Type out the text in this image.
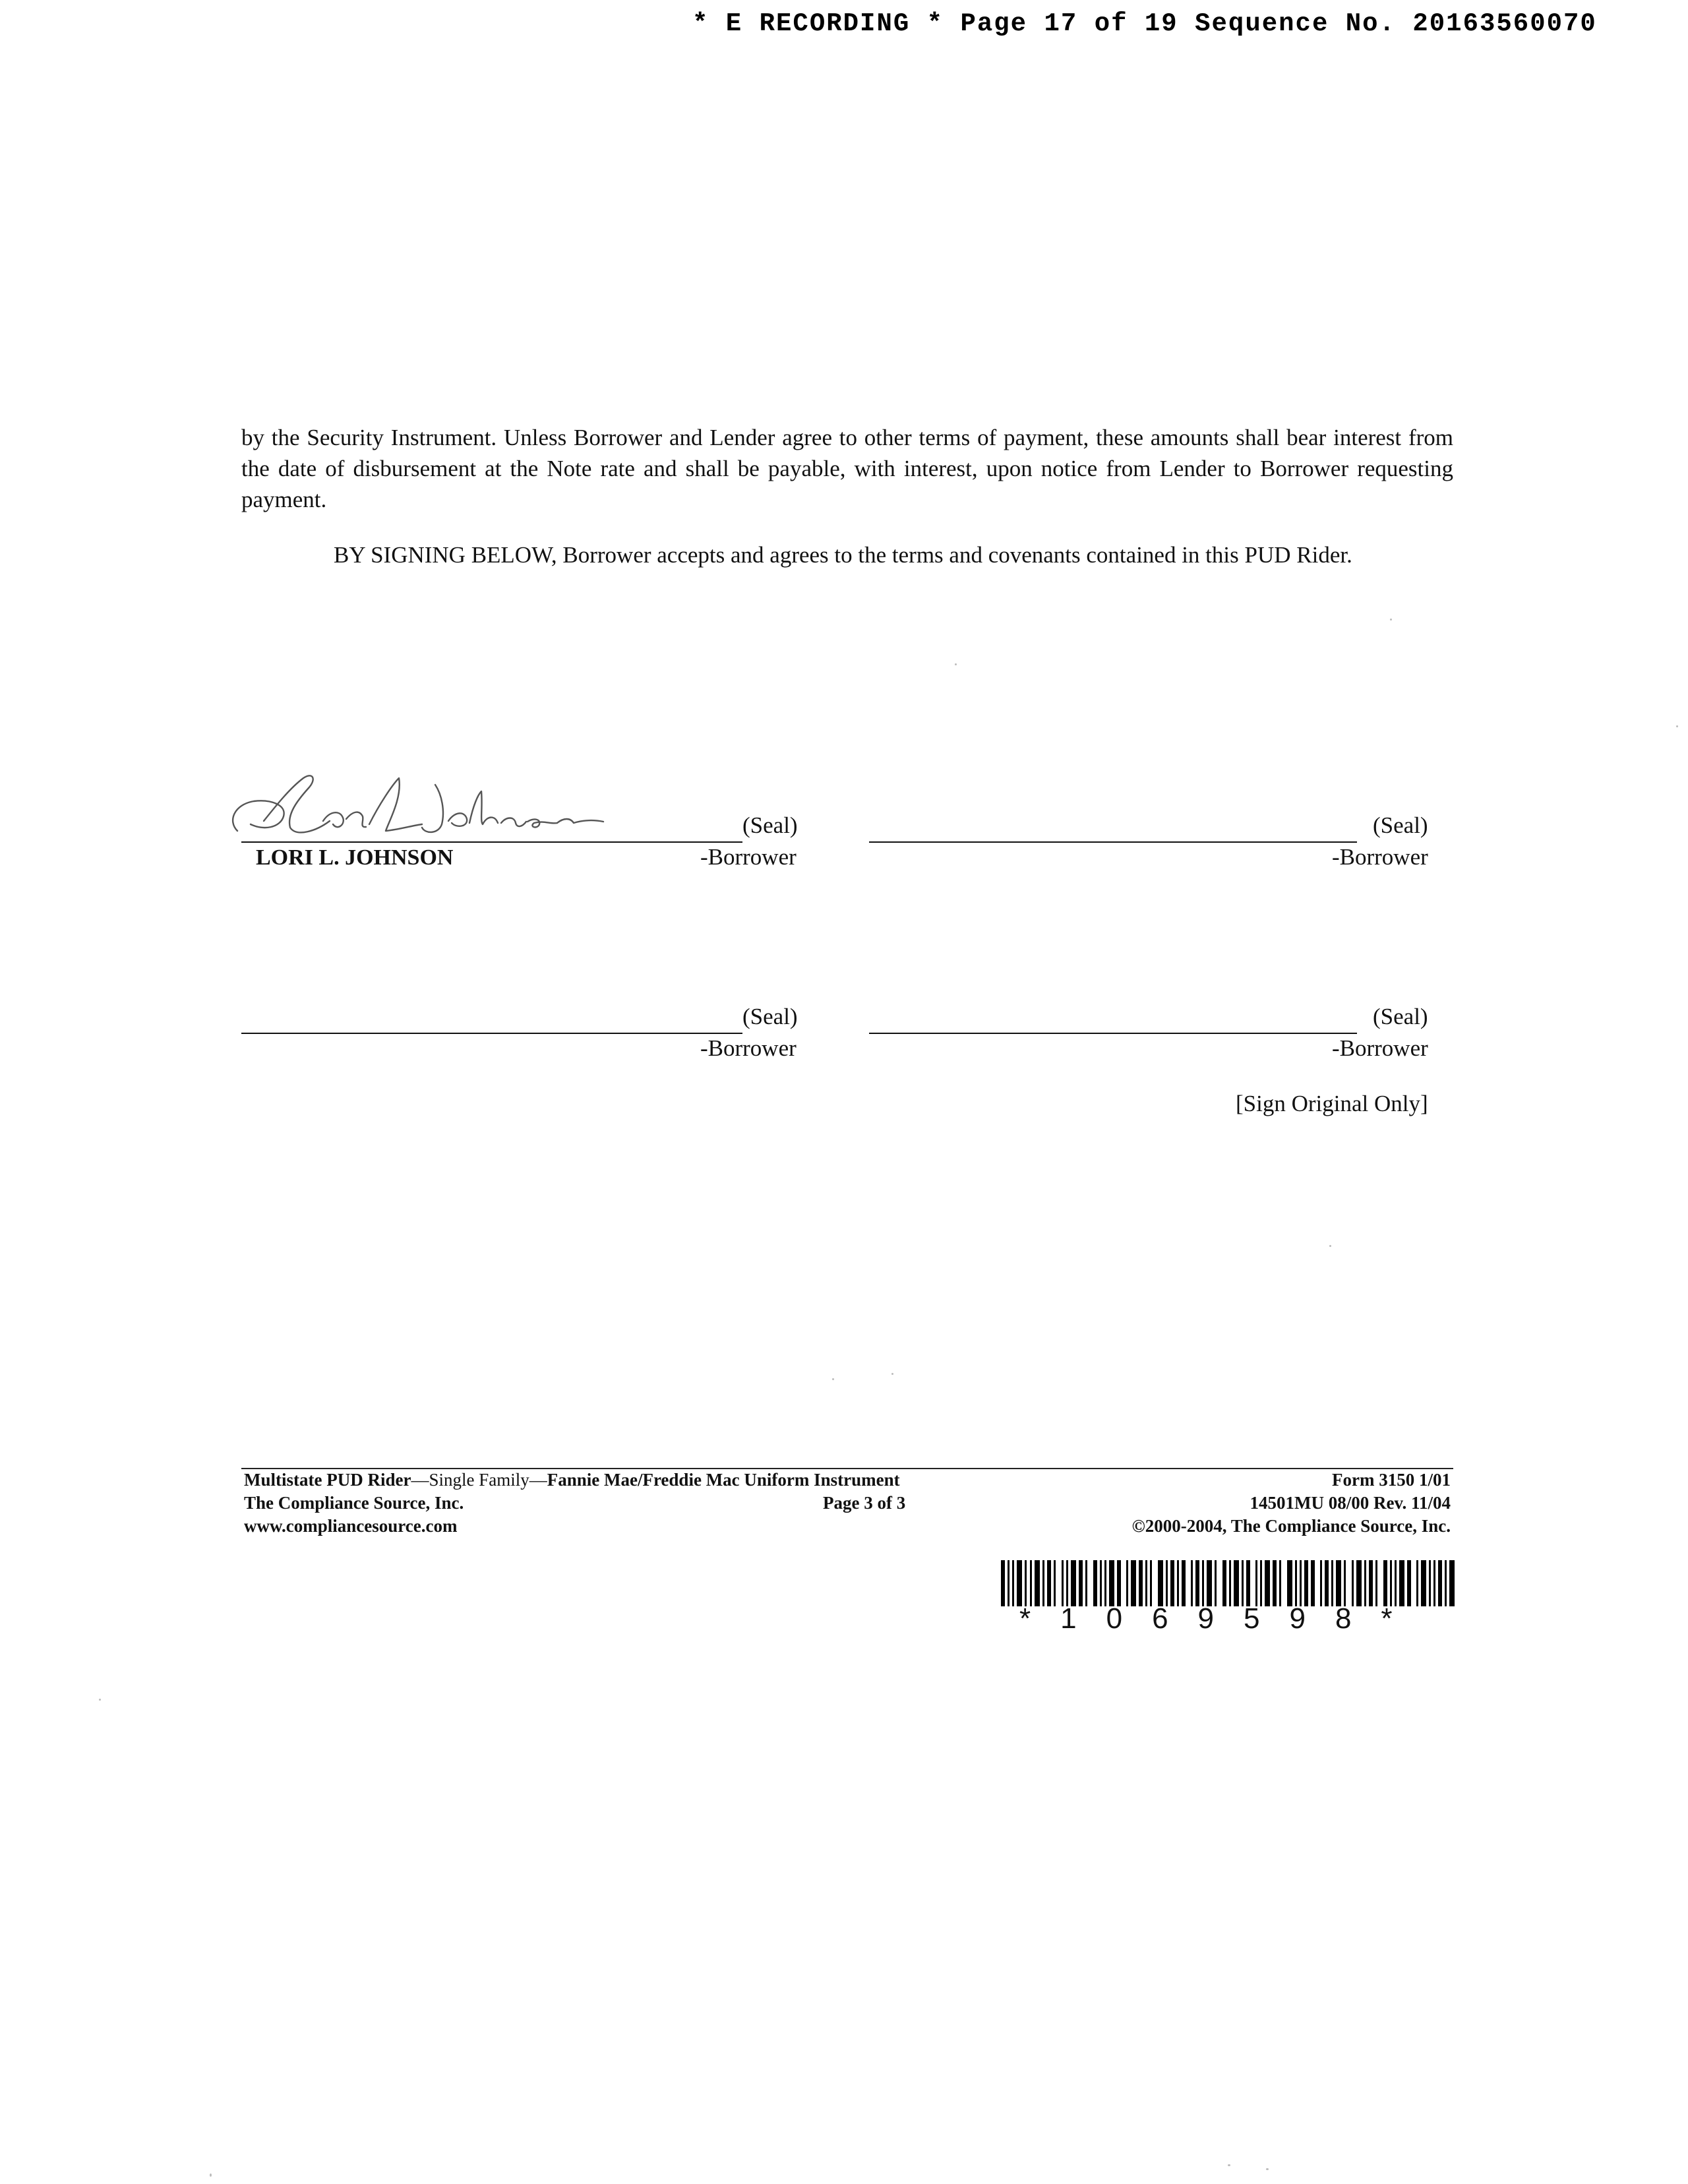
* E RECORDING * Page 17 of 19 Sequence No. 20163560070
by the Security Instrument. Unless Borrower and Lender agree to other terms of payment, these amounts shall bear interest from the date of disbursement at the Note rate and shall be payable, with interest, upon notice from Lender to Borrower requesting payment.
BY SIGNING BELOW, Borrower accepts and agrees to the terms and covenants contained in this PUD Rider.
(Seal)
-Borrower
LORI L. JOHNSON
(Seal)
-Borrower
(Seal)
-Borrower
(Seal)
-Borrower
[Sign Original Only]
Multistate PUD Rider—Single Family—Fannie Mae/Freddie Mac Uniform Instrument	Form 3150 1/01
The Compliance Source, Inc.	Page 3 of 3	14501MU 08/00 Rev. 11/04
www.compliancesource.com	©2000-2004, The Compliance Source, Inc.
*1069598*
